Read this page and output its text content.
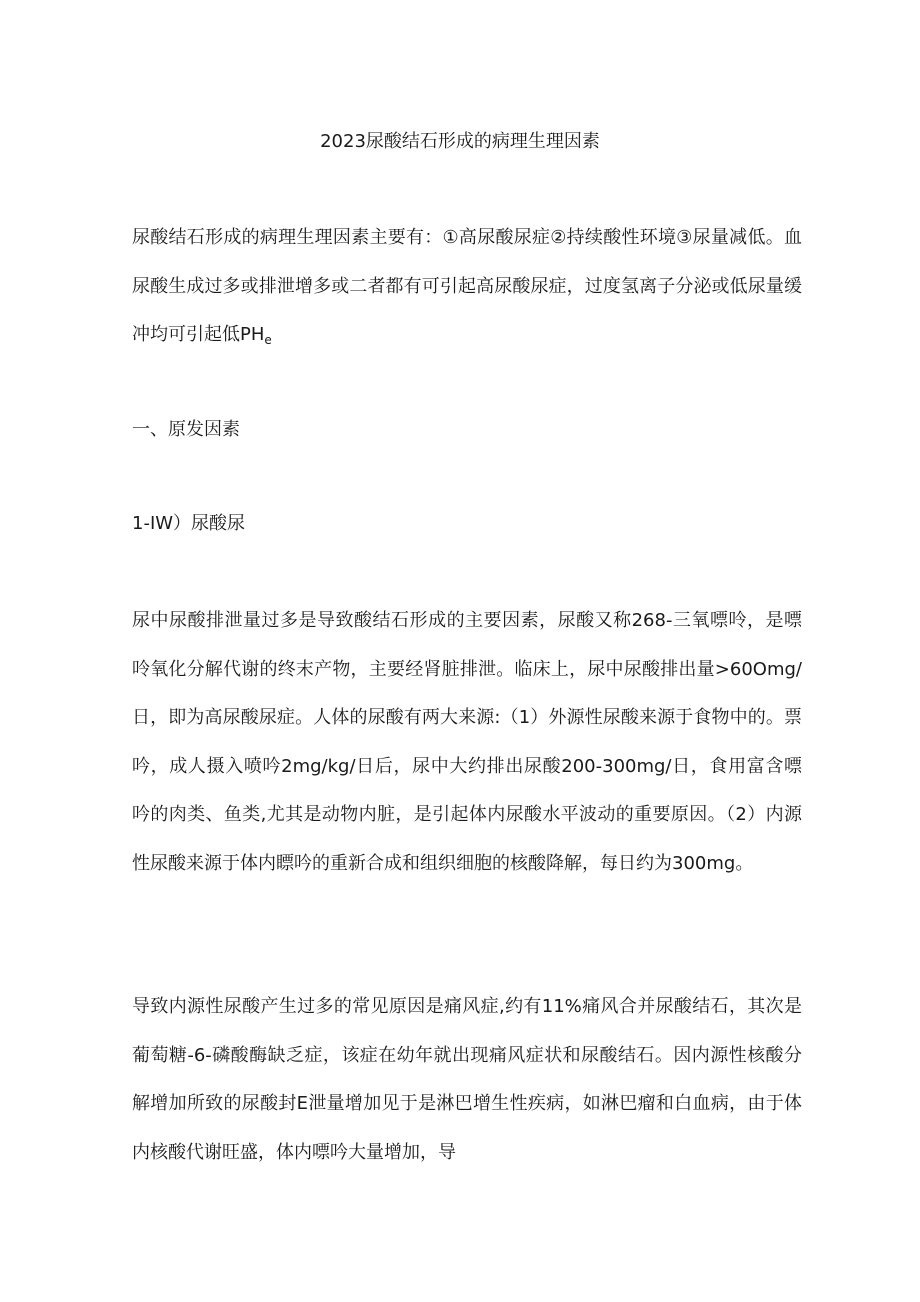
2023尿酸结石形成的病理生理因素

尿酸结石形成的病理生理因素主要有：①高尿酸尿症②持续酸性环境③尿量减低。血尿酸生成过多或排泄增多或二者都有可引起高尿酸尿症，过度氢离子分泌或低尿量缓冲均可引起低$PH_e$

一、原发因素
1-IW）尿酸尿

尿中尿酸排泄量过多是导致酸结石形成的主要因素，尿酸又称268-三氧嘌呤，是嘌呤氧化分解代谢的终末产物，主要经肾脏排泄。临床上，尿中尿酸排出量>60Omg/日，即为高尿酸尿症。人体的尿酸有两大来源:（1）外源性尿酸来源于食物中的。票吟，成人摄入喷吟2mg/kg/日后，尿中大约排出尿酸200-300mg/日，食用富含嘌吟的肉类、鱼类,尤其是动物内脏，是引起体内尿酸水平波动的重要原因。（2）内源性尿酸来源于体内瞟吟的重新合成和组织细胞的核酸降解，每日约为300mg。

导致内源性尿酸产生过多的常见原因是痛风症,约有11%痛风合并尿酸结石，其次是葡萄糖-6-磷酸酶缺乏症，该症在幼年就出现痛风症状和尿酸结石。因内源性核酸分解增加所致的尿酸封E泄量增加见于是淋巴增生性疾病，如淋巴瘤和白血病，由于体内核酸代谢旺盛，体内嘌吟大量增加，导
